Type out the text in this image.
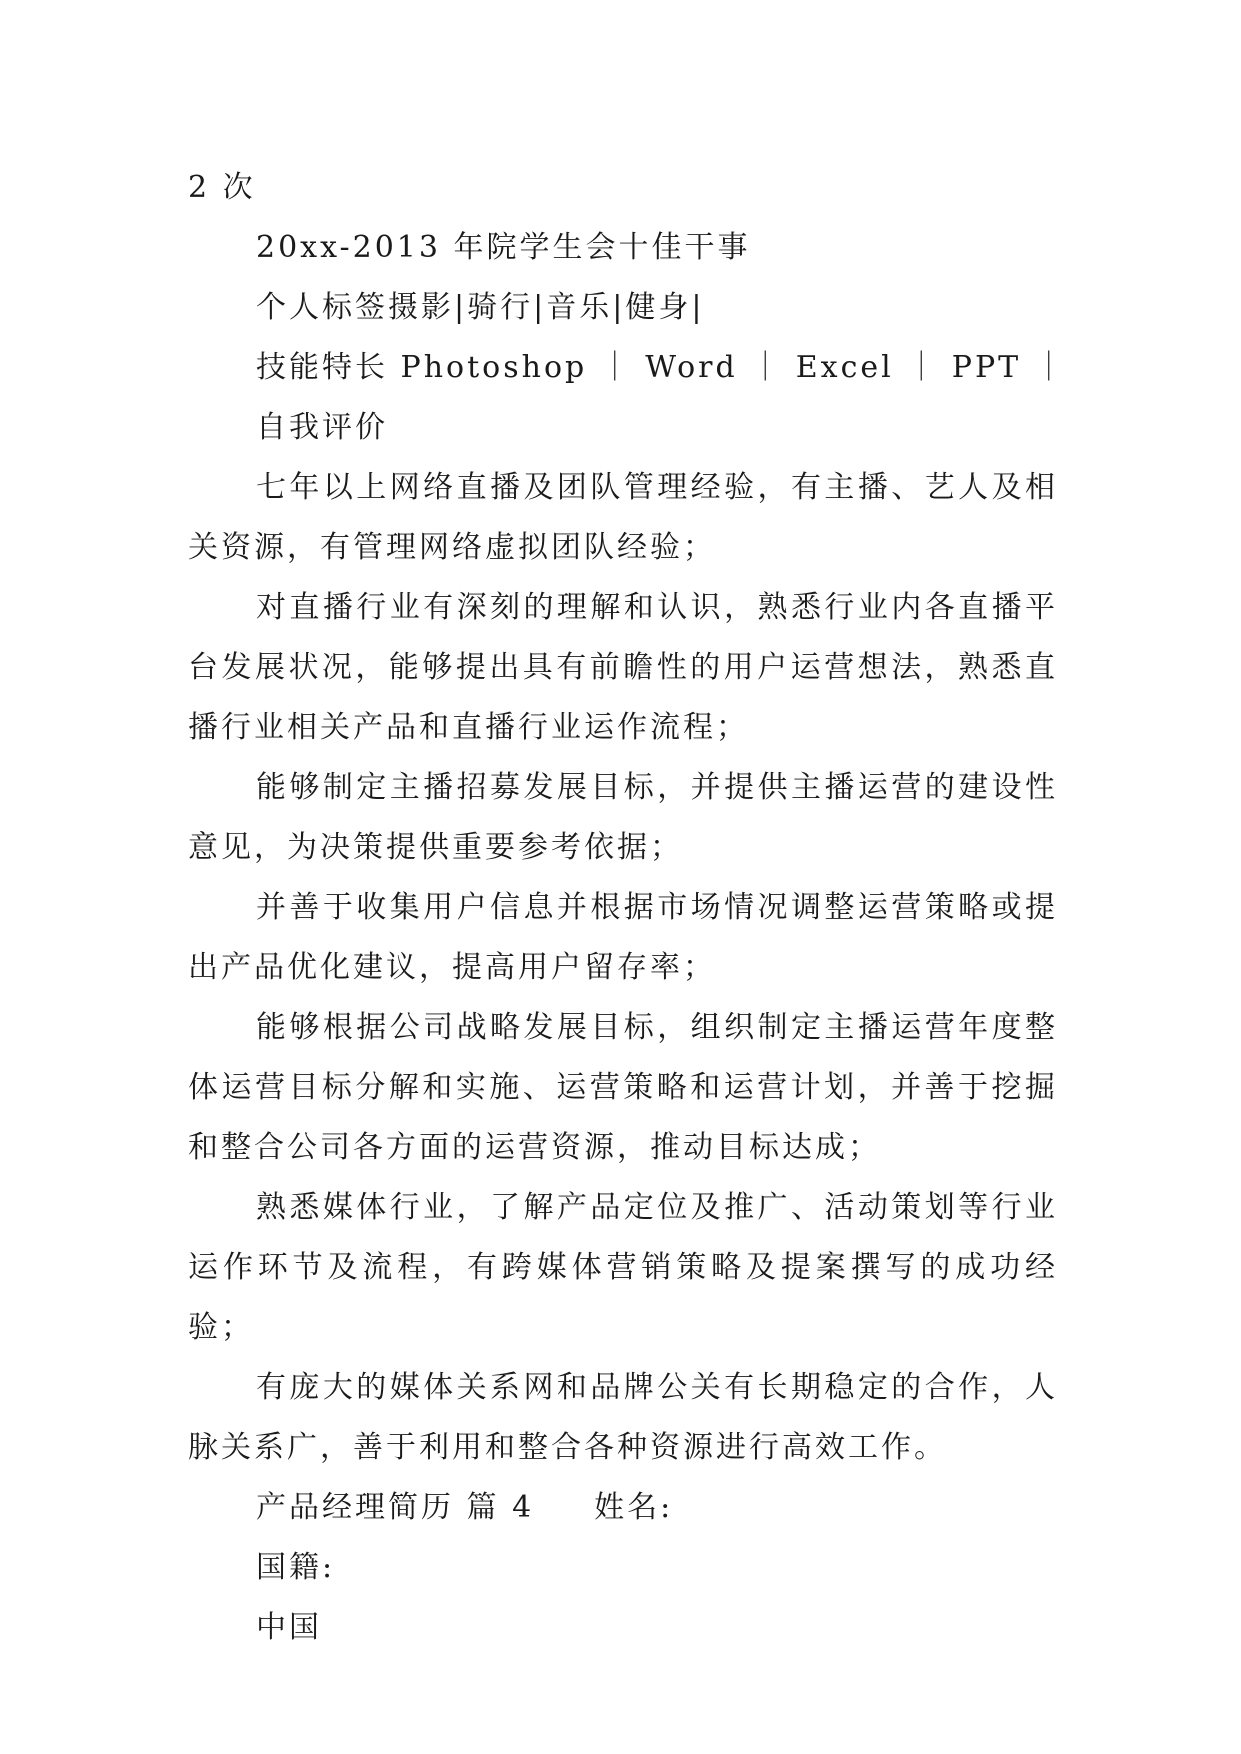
2 次

20xx-2013 年院学生会十佳干事

个人标签摄影|骑行|音乐|健身|

技能特长 Photoshop ｜ Word ｜ Excel ｜ PPT ｜

自我评价

七年以上网络直播及团队管理经验，有主播、艺人及相关资源，有管理网络虚拟团队经验；

对直播行业有深刻的理解和认识，熟悉行业内各直播平台发展状况，能够提出具有前瞻性的用户运营想法，熟悉直播行业相关产品和直播行业运作流程；

能够制定主播招募发展目标，并提供主播运营的建设性意见，为决策提供重要参考依据；

并善于收集用户信息并根据市场情况调整运营策略或提出产品优化建议，提高用户留存率；

能够根据公司战略发展目标，组织制定主播运营年度整体运营目标分解和实施、运营策略和运营计划，并善于挖掘和整合公司各方面的运营资源，推动目标达成；

熟悉媒体行业，了解产品定位及推广、活动策划等行业运作环节及流程，有跨媒体营销策略及提案撰写的成功经验；

有庞大的媒体关系网和品牌公关有长期稳定的合作，人脉关系广，善于利用和整合各种资源进行高效工作。

产品经理简历 篇 4 姓名:

国籍:

中国
